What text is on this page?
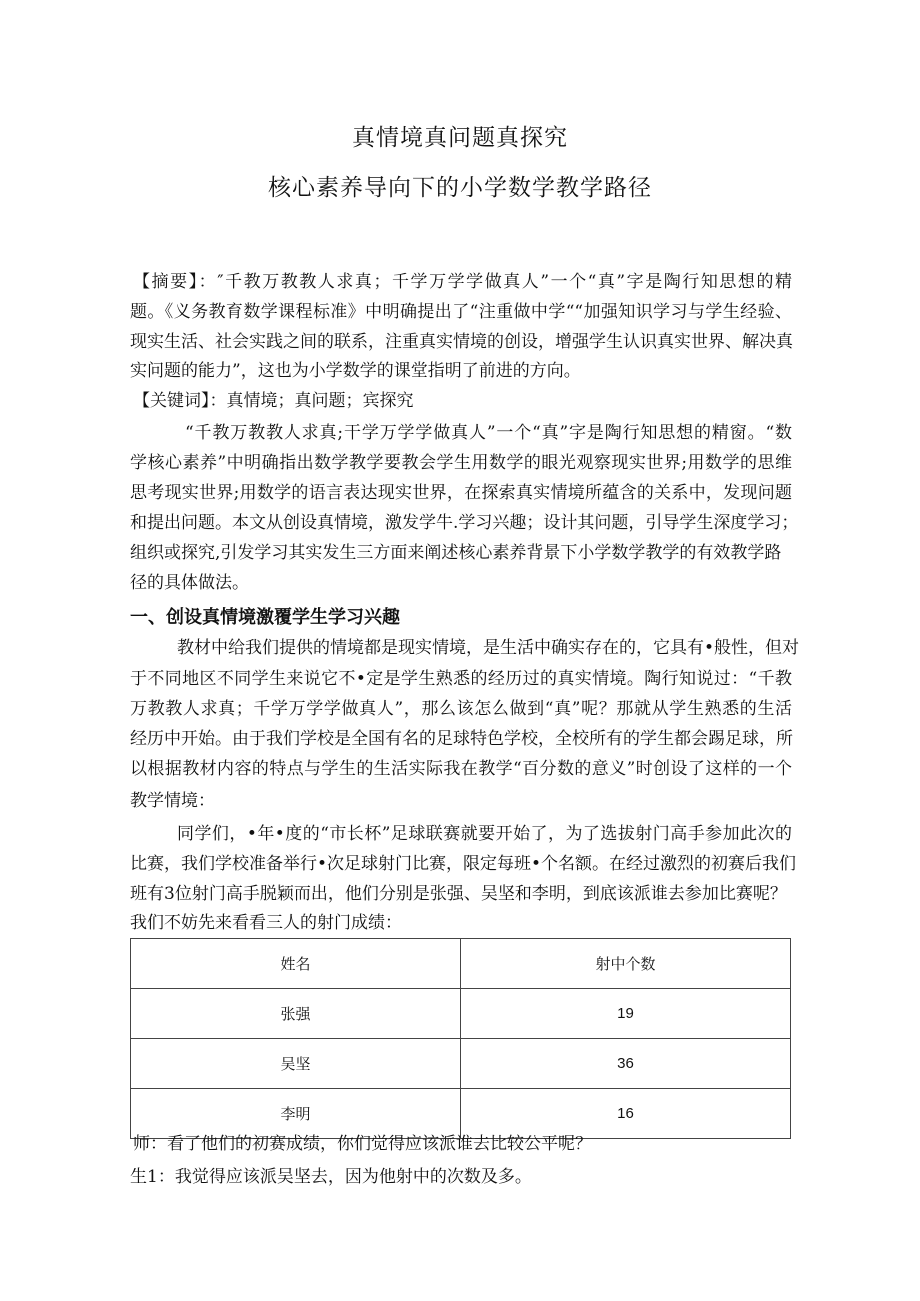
真情境真问题真探究
核心素养导向下的小学数学教学路径
【摘要】：″千教万教教人求真；千学万学学做真人”一个“真”字是陶行知思想的精
题。《义务教育数学课程标准》中明确提出了“注重做中学““加强知识学习与学生经验、
现实生活、社会实践之间的联系，注重真实情境的创设，增强学生认识真实世界、解决真
实问题的能力”，这也为小学数学的课堂指明了前进的方向。
【关键词】：真情境；真问题；宾探究
“千教万教教人求真;干学万学学做真人”一个“真”字是陶行知思想的精窗。“数
学核心素养”中明确指出数学教学要教会学生用数学的眼光观察现实世界;用数学的思维
思考现实世界;用数学的语言表达现实世界，在探索真实情境所蕴含的关系中，发现问题
和提出问题。本文从创设真情境，激发学牛.学习兴趣；设计其问题，引导学生深度学习；
组织或探究,引发学习其实发生三方面来阐述核心素养背景下小学数学教学的有效教学路
径的具体做法。
一、创设真情境激覆学生学习兴趣
教材中给我们提供的情境都是现实情境，是生活中确实存在的，它具有•般性，但对
于不同地区不同学生来说它不•定是学生熟悉的经历过的真实情境。陶行知说过：“千教
万教教人求真；千学万学学做真人”，那么该怎么做到“真”呢？那就从学生熟悉的生活
经历中开始。由于我们学校是全国有名的足球特色学校，全校所有的学生都会踢足球，所
以根据教材内容的特点与学生的生活实际我在教学“百分数的意义”时创设了这样的一个
教学情境：
同学们，•年•度的“市长杯”足球联赛就要开始了，为了选拔射门高手参加此次的
比赛，我们学校准备举行•次足球射门比赛，限定每班•个名额。在经过激烈的初赛后我们
班有3位射门高手脱颖而出，他们分别是张强、吴坚和李明，到底该派谁去参加比赛呢？
我们不妨先来看看三人的射门成绩：
姓名	射中个数
张强	19
吴坚	36
李明	16
师：看了他们的初赛成绩，你们觉得应该派谁去比较公平呢？
生1：我觉得应该派吴坚去，因为他射中的次数及多。
